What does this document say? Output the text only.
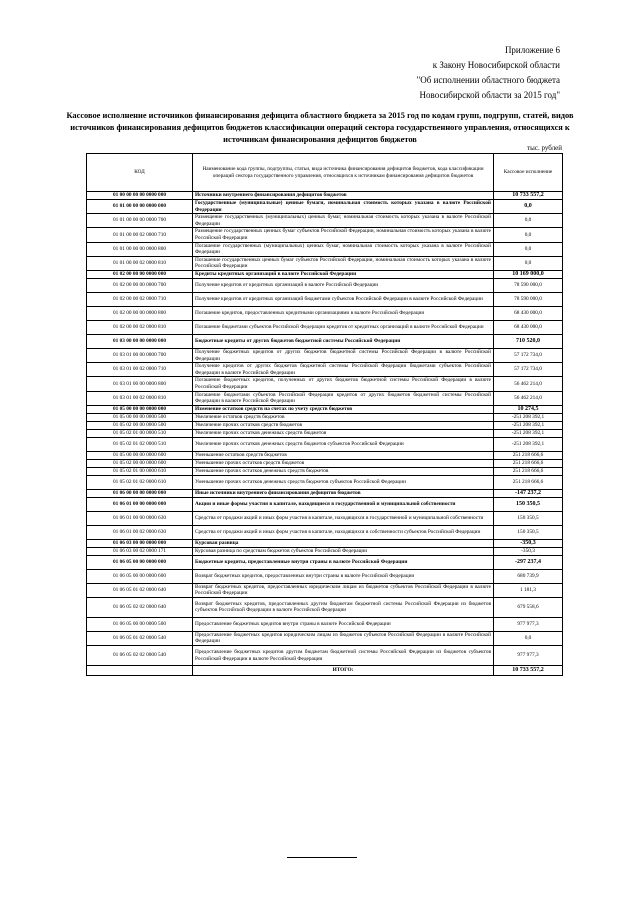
Приложение 6
к Закону Новосибирской области
"Об исполнении областного бюджета
Новосибирской области за 2015 год"
Кассовое исполнение источников финансирования дефицита областного бюджета за 2015 год по кодам групп, подгрупп, статей, видов источников финансирования дефицитов бюджетов классификации операций сектора государственного управления, относящихся к источникам финансирования дефицитов бюджетов
тыс. рублей
КОД	Наименование кода группы, подгруппы, статьи, вида источника финансирования дефицитов бюджетов, кода классификации операций сектора государственного управления, относящихся к источникам финансирования дефицитов бюджетов	Кассовое исполнение
01 00 00 00 00 0000 000	Источники внутреннего финансирования дефицитов бюджетов	10 733 557,2
01 01 00 00 00 0000 000	Государственные (муниципальные) ценные бумаги, номинальная стоимость которых указана в валюте Российской Федерации	0,0
01 01 00 00 00 0000 700	Размещение государственных (муниципальных) ценных бумаг, номинальная стоимость которых указана в валюте Российской Федерации	0,0
01 01 00 00 02 0000 710	Размещение государственных ценных бумаг субъектов Российской Федерации, номинальная стоимость которых указана в валюте Российской Федерации	0,0
01 01 00 00 00 0000 800	Погашение государственных (муниципальных) ценных бумаг, номинальная стоимость которых указана в валюте Российской Федерации	0,0
01 01 00 00 02 0000 810	Погашение государственных ценных бумаг субъектов Российской Федерации, номинальная стоимость которых указана в валюте Российской Федерации	0,0
01 02 00 00 00 0000 000	Кредиты кредитных организаций в валюте Российской Федерации	10 169 000,0
01 02 00 00 00 0000 700	Получение кредитов от кредитных организаций в валюте Российской Федерации	78 590 000,0
01 02 00 00 02 0000 710	Получение кредитов от кредитных организаций бюджетами субъектов Российской Федерации в валюте Российской Федерации	78 590 000,0
01 02 00 00 00 0000 800	Погашение кредитов, предоставленных кредитными организациями в валюте Российской Федерации	68 430 000,0
01 02 00 00 02 0000 810	Погашение бюджетами субъектов Российской Федерации кредитов от кредитных организаций в валюте Российской Федерации	68 430 000,0
01 03 00 00 00 0000 000	Бюджетные кредиты от других бюджетов бюджетной системы Российской Федерации	710 520,0
01 03 01 00 00 0000 700	Получение бюджетных кредитов от других бюджетов бюджетной системы Российской Федерации в валюте Российской Федерации	57 172 734,0
01 03 01 00 02 0000 710	Получение кредитов от других бюджетов бюджетной системы Российской Федерации бюджетами субъектов Российской Федерации в валюте Российской Федерации	57 172 734,0
01 03 01 00 00 0000 800	Погашение бюджетных кредитов, полученных от других бюджетов бюджетной системы Российской Федерации в валюте Российской Федерации	56 462 214,0
01 03 01 00 02 0000 810	Погашение бюджетами субъектов Российской Федерации кредитов от других бюджетов бюджетной системы Российской Федерации в валюте Российской Федерации	56 462 214,0
01 05 00 00 00 0000 000	Изменение остатков средств на счетах по учету средств бюджетов	10 274,5
01 05 00 00 00 0000 500	Увеличение остатков средств бюджетов	-251 208 392,1
01 05 02 00 00 0000 500	Увеличение прочих остатков средств бюджетов	-251 208 392,1
01 05 02 01 00 0000 510	Увеличение прочих остатков денежных средств бюджетов	-251 208 392,1
01 05 02 01 02 0000 510	Увеличение прочих остатков денежных средств бюджетов субъектов Российской Федерации	-251 208 392,1
01 05 00 00 00 0000 600	Уменьшение остатков средств бюджетов	251 218 666,6
01 05 02 00 00 0000 600	Уменьшение прочих остатков средств бюджетов	251 218 666,6
01 05 02 01 00 0000 610	Уменьшение прочих остатков денежных средств бюджетов	251 218 666,6
01 05 02 01 02 0000 610	Уменьшение прочих остатков денежных средств бюджетов субъектов Российской Федерации	251 218 666,6
01 06 00 00 00 0000 000	Иные источники внутреннего финансирования дефицитов бюджетов	-147 237,2
01 06 01 00 00 0000 000	Акции и иные формы участия в капитале, находящиеся в государственной и муниципальной собственности	150 350,5
01 06 01 00 00 0000 630	Средства от продажи акций и иных форм участия в капитале, находящихся в государственной и муниципальной собственности	150 350,5
01 06 01 00 02 0000 630	Средства от продажи акций и иных форм участия в капитале, находящихся в собственности субъектов Российской Федерации	150 350,5
01 06 03 00 00 0000 000	Курсовая разница	-350,3
01 06 03 00 02 0000 171	Курсовая разница по средствам бюджетов субъектов Российской Федерации	-350,3
01 06 05 00 00 0000 000	Бюджетные кредиты, предоставленные внутри страны в валюте Российской Федерации	-297 237,4
01 06 05 00 00 0000 600	Возврат бюджетных кредитов, предоставленных внутри страны в валюте Российской Федерации	680 739,9
01 06 05 01 02 0000 640	Возврат бюджетных кредитов, предоставленных юридическим лицам из бюджетов субъектов Российской Федерации в валюте Российской Федерации	1 181,3
01 06 05 02 02 0000 640	Возврат бюджетных кредитов, предоставленных другим бюджетам бюджетной системы Российской Федерации из бюджетов субъектов Российской Федерации в валюте Российской Федерации	679 558,6
01 06 05 00 00 0000 500	Предоставление бюджетных кредитов внутри страны в валюте Российской Федерации	977 977,3
01 06 05 01 02 0000 540	Предоставление бюджетных кредитов юридическим лицам из бюджетов субъектов Российской Федерации в валюте Российской Федерации	0,0
01 06 05 02 02 0000 540	Предоставление бюджетных кредитов другим бюджетам бюджетной системы Российской Федерации из бюджетов субъектов Российской Федерации в валюте Российской Федерации	977 977,3
	ИТОГО:	10 733 557,2
